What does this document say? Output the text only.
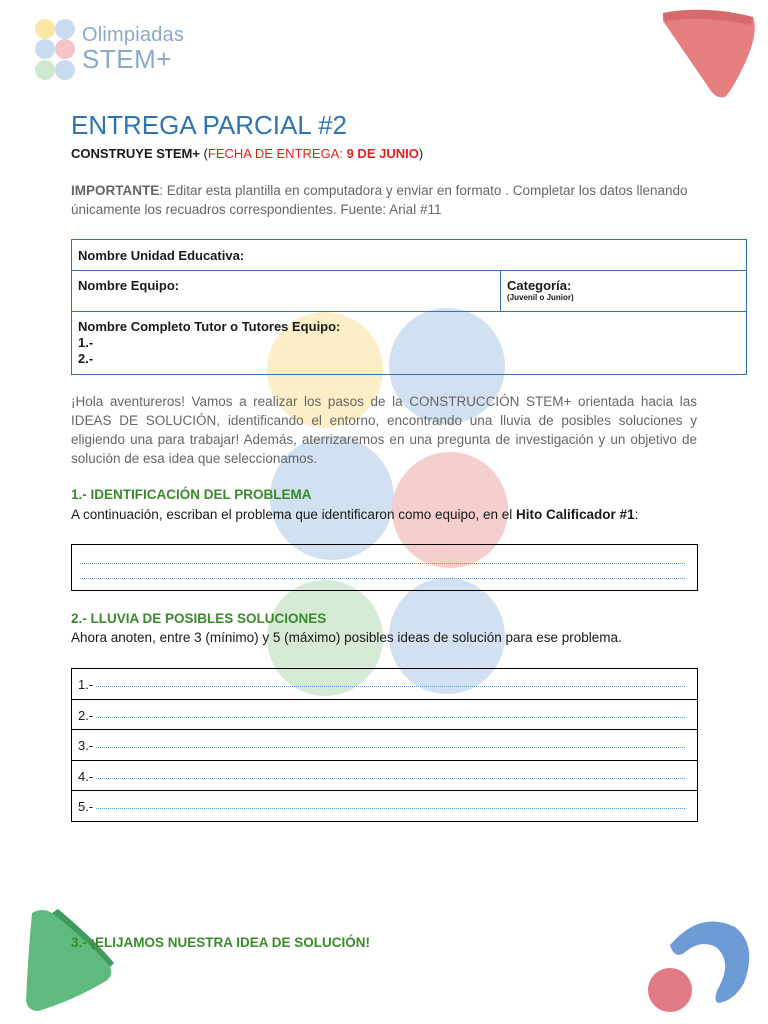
Olimpiadas
STEM+
ENTREGA PARCIAL #2
CONSTRUYE STEM+ (FECHA DE ENTREGA: 9 DE JUNIO)
IMPORTANTE: Editar esta plantilla en computadora y enviar en formato . Completar los datos llenando únicamente los recuadros correspondientes. Fuente: Arial #11
Nombre Unidad Educativa:
Nombre Equipo:	Categoría:
(Juvenil o Junior)
Nombre Completo Tutor o Tutores Equipo:
1.-
2.-
¡Hola aventureros! Vamos a realizar los pasos de la CONSTRUCCIÓN STEM+ orientada hacia las IDEAS DE SOLUCIÓN, identificando el entorno, encontrando una lluvia de posibles soluciones y eligiendo una para trabajar! Además, aterrizaremos en una pregunta de investigación y un objetivo de solución de esa idea que seleccionamos.
1.- IDENTIFICACIÓN DEL PROBLEMA
A continuación, escriban el problema que identificaron como equipo, en el Hito Calificador #1:
2.- LLUVIA DE POSIBLES SOLUCIONES
Ahora anoten, entre 3 (mínimo) y 5 (máximo) posibles ideas de solución para ese problema.
1.-
2.-
3.-
4.-
5.-
3.- ¡ELIJAMOS NUESTRA IDEA DE SOLUCIÓN!
